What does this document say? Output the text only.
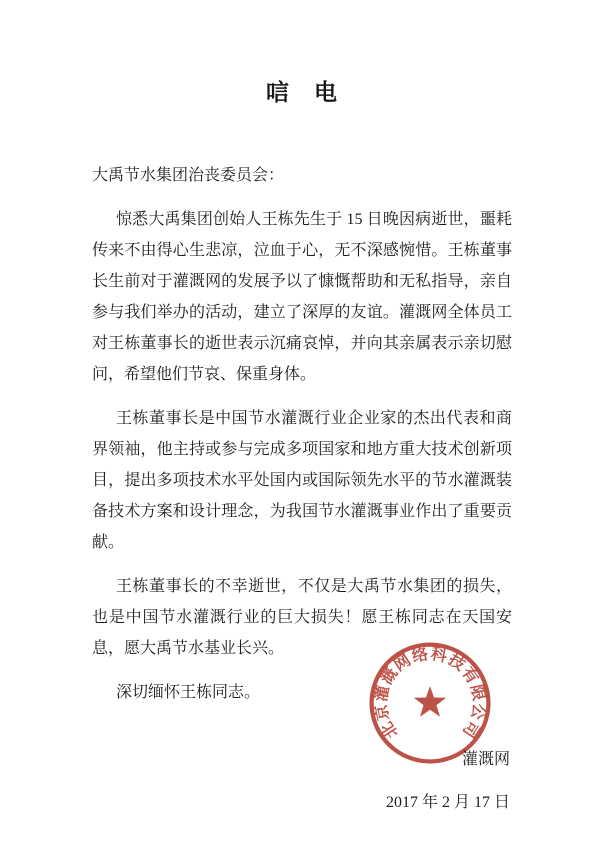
唁　电

大禹节水集团治丧委员会：

惊悉大禹集团创始人王栋先生于 15 日晚因病逝世，噩耗传来不由得心生悲凉，泣血于心，无不深感惋惜。王栋董事长生前对于灌溉网的发展予以了慷慨帮助和无私指导，亲自参与我们举办的活动，建立了深厚的友谊。灌溉网全体员工对王栋董事长的逝世表示沉痛哀悼，并向其亲属表示亲切慰问，希望他们节哀、保重身体。

王栋董事长是中国节水灌溉行业企业家的杰出代表和商界领袖，他主持或参与完成多项国家和地方重大技术创新项目，提出多项技术水平处国内或国际领先水平的节水灌溉装备技术方案和设计理念，为我国节水灌溉事业作出了重要贡献。

王栋董事长的不幸逝世，不仅是大禹节水集团的损失，也是中国节水灌溉行业的巨大损失！愿王栋同志在天国安息，愿大禹节水基业长兴。

深切缅怀王栋同志。

灌溉网

2017 年 2 月 17 日

北京灌溉网络科技有限公司
